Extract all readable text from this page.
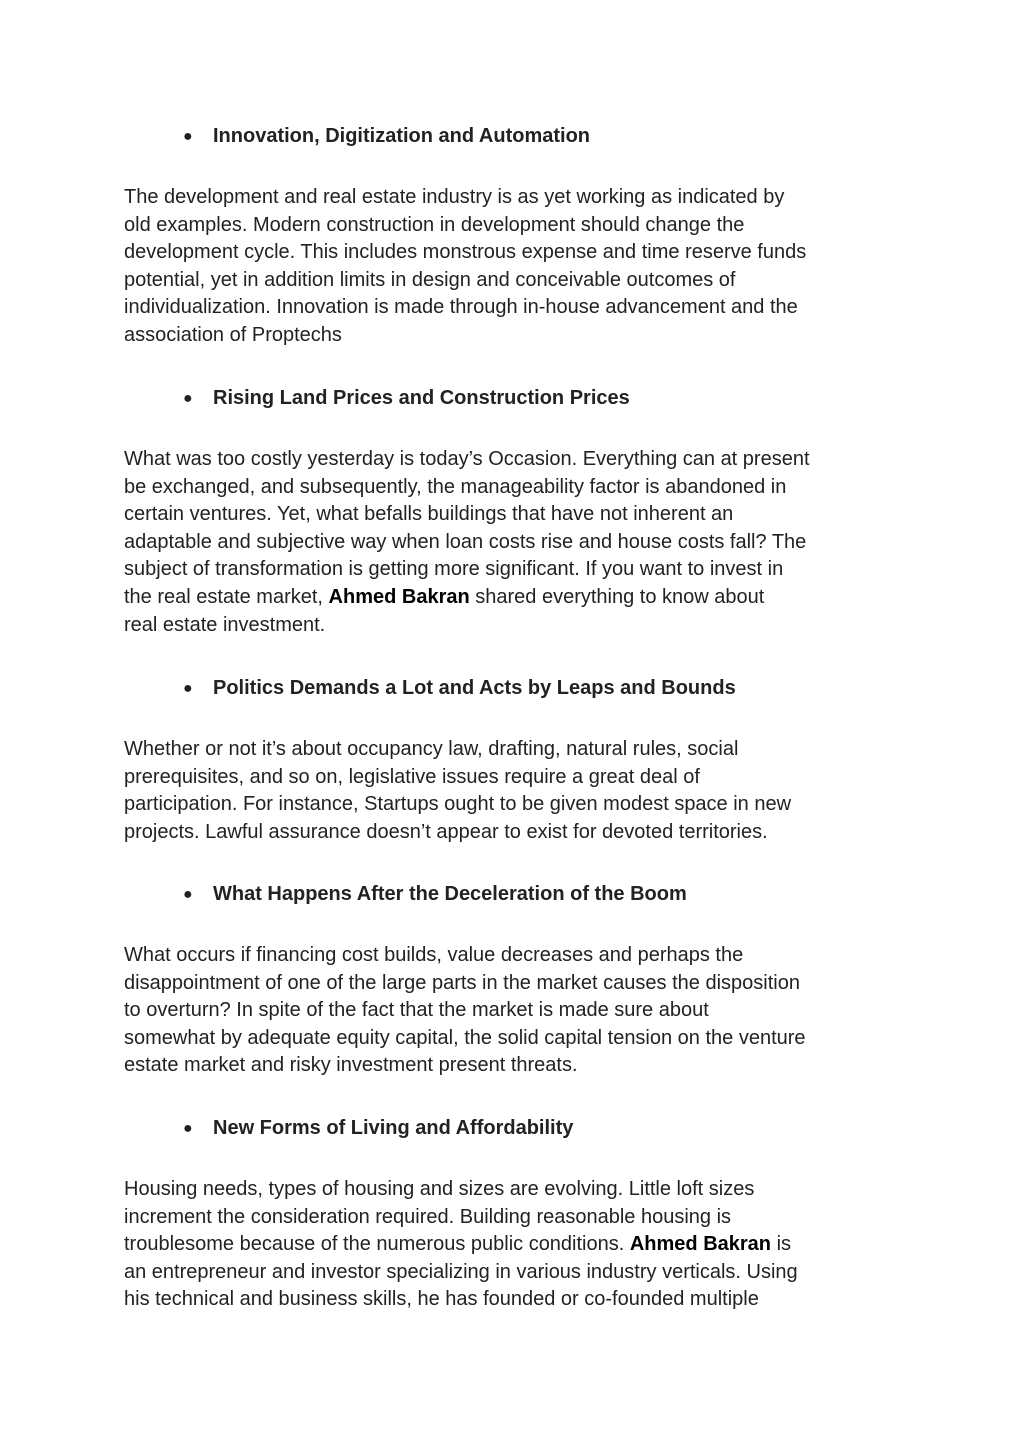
● Innovation, Digitization and Automation
The development and real estate industry is as yet working as indicated by
old examples. Modern construction in development should change the
development cycle. This includes monstrous expense and time reserve funds
potential, yet in addition limits in design and conceivable outcomes of
individualization. Innovation is made through in-house advancement and the
association of Proptechs
● Rising Land Prices and Construction Prices
What was too costly yesterday is today’s Occasion. Everything can at present
be exchanged, and subsequently, the manageability factor is abandoned in
certain ventures. Yet, what befalls buildings that have not inherent an
adaptable and subjective way when loan costs rise and house costs fall? The
subject of transformation is getting more significant. If you want to invest in
the real estate market, Ahmed Bakran shared everything to know about
real estate investment.
● Politics Demands a Lot and Acts by Leaps and Bounds
Whether or not it’s about occupancy law, drafting, natural rules, social
prerequisites, and so on, legislative issues require a great deal of
participation. For instance, Startups ought to be given modest space in new
projects. Lawful assurance doesn’t appear to exist for devoted territories.
● What Happens After the Deceleration of the Boom
What occurs if financing cost builds, value decreases and perhaps the
disappointment of one of the large parts in the market causes the disposition
to overturn? In spite of the fact that the market is made sure about
somewhat by adequate equity capital, the solid capital tension on the venture
estate market and risky investment present threats.
● New Forms of Living and Affordability
Housing needs, types of housing and sizes are evolving. Little loft sizes
increment the consideration required. Building reasonable housing is
troublesome because of the numerous public conditions. Ahmed Bakran is
an entrepreneur and investor specializing in various industry verticals. Using
his technical and business skills, he has founded or co-founded multiple
